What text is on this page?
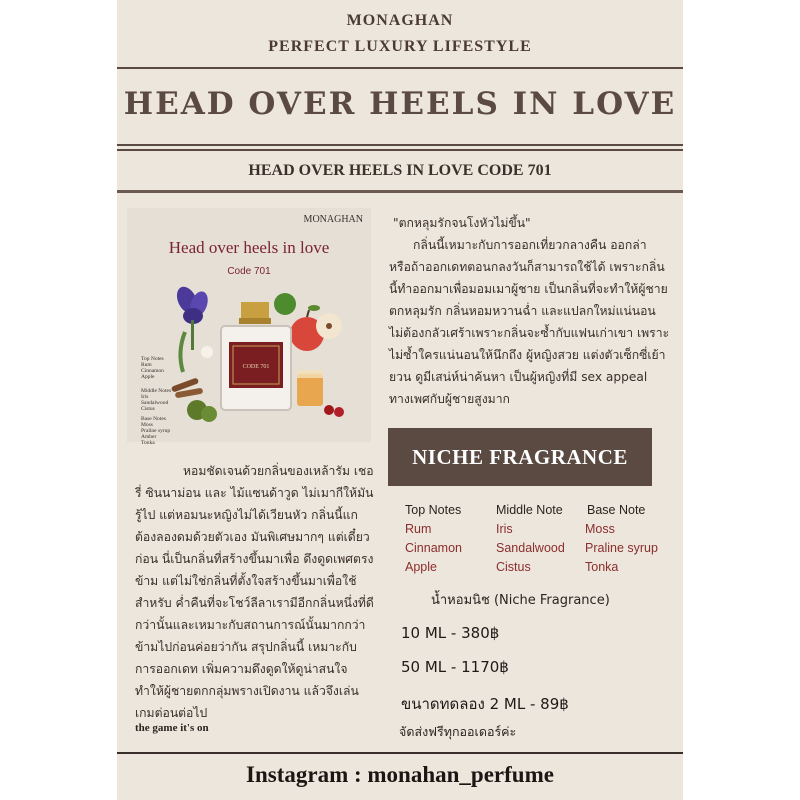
MONAGHAN
PERFECT LUXURY LIFESTYLE
HEAD OVER HEELS IN LOVE
HEAD OVER HEELS IN LOVE CODE 701
MONAGHAN
Head over heels in love
Code 701
CODE 701
Top Notes
Rum
Cinnamon
Apple
Middle Notes
Iris
Sandalwood
Cistus
Base Notes
Moss
Praline syrup
Amber
Tonka
"ตกหลุมรักจนโงหัวไม่ขึ้น"
กลิ่นนี้เหมาะกับการออกเที่ยวกลางคืน ออกล่า หรือถ้าออกเดทตอนกลงวันก็สามารถใช้ได้ เพราะกลิ่นนี้ทำออกมาเพื่อมอมเมาผู้ชาย เป็นกลิ่นที่จะทำให้ผู้ชายตกหลุมรัก กลิ่นหอมหวานฉ่ำ และแปลกใหม่แน่นอน ไม่ต้องกลัวเศร้าเพราะกลิ่นจะซ้ำกับแฟนเก่าเขา เพราะไม่ซ้ำใครแน่นอนให้นึกถึง ผู้หญิงสวย แต่งตัวเซ็กซี่เย้ายวน ดูมีเสน่ห์น่าค้นหา เป็นผู้หญิงที่มี sex appeal ทางเพศกับผู้ชายสูงมาก
หอมชัดเจนด้วยกลิ่นของเหล้ารัม เชอรี่ ซินนาม่อน และ ไม้แซนด้าวูด ไม่เมากีให้มันรู้ไป แต่หอมนะหญิงไม่ได้เวียนหัว กลิ่นนี้แกต้องลองดมด้วยตัวเอง มันพิเศษมากๆ แต่เดี๋ยวก่อน นี่เป็นกลิ่นที่สร้างขึ้นมาเพื่อ ดึงดูดเพศตรงข้าม แต่ไม่ใช่กลิ่นที่ตั้งใจสร้างขึ้นมาเพื่อใช้สำหรับ ค่ำคืนที่จะโชว์ลีลาเรามีอีกกลิ่นหนึ่งที่ดีกว่านั้นและเหมาะกับสถานการณ์นั้นมากกว่า ข้ามไปก่อนค่อยว่ากัน สรุปกลิ่นนี้ เหมาะกับการออกเดท เพิ่มความดึงดูดให้ดูน่าสนใจ ทำให้ผู้ชายตกกลุ่มพรางเปิดงาน แล้วจึงเล่นเกมต่อนต่อไป
the game it's on
NICHE FRAGRANCE
Top Notes	Middle Note Base Note
Rum
Cinnamon
Apple
Iris
Sandalwood
Cistus
Moss
Praline syrup
Tonka
น้ำหอมนิช (Niche Fragrance)
10 ML - 380฿
50 ML - 1170฿
ขนาดทดลอง 2 ML - 89฿
จัดส่งฟรีทุกออเดอร์ค่ะ
Instagram : monahan_perfume
